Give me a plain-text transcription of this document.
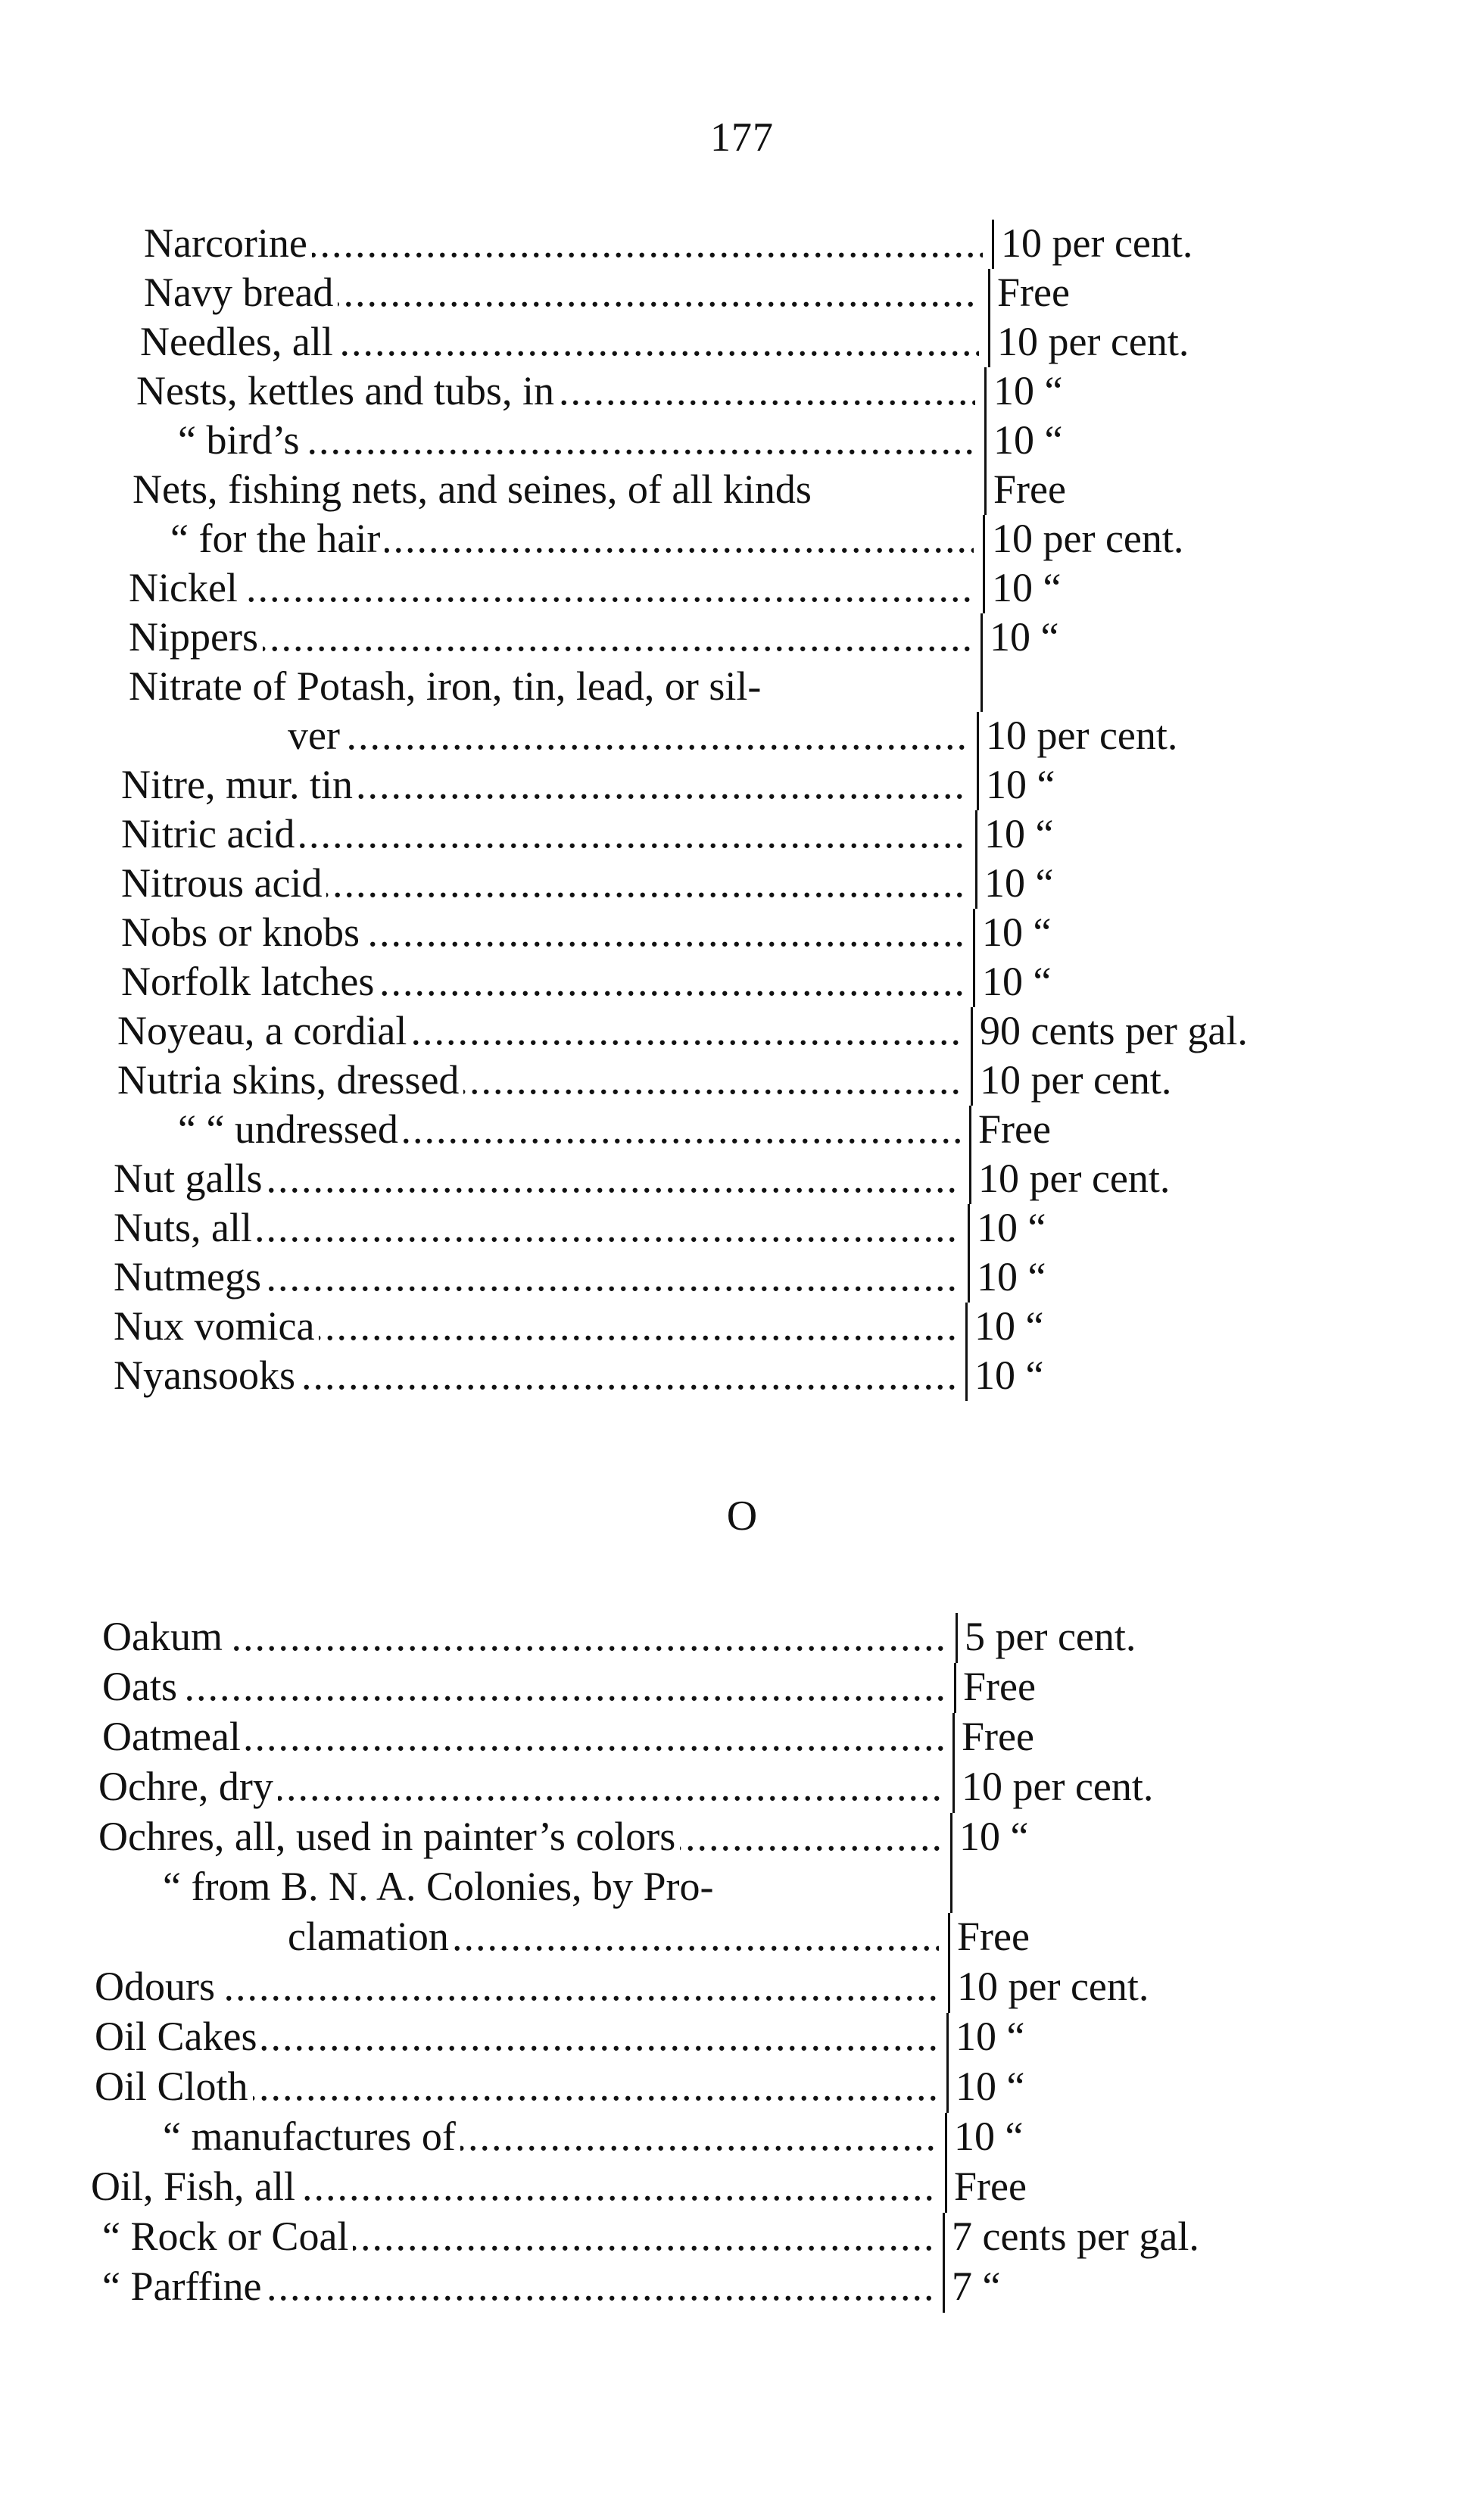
177
Narcorine .....	10 per cent.
Navy bread .....	Free
Needles, all .....	10 per cent.
Nests, kettles and tubs, in .....	10 “
“ bird’s .....	10 “
Nets, fishing nets, and seines, of all kinds	Free
“ for the hair .....	10 per cent.
Nickel .....	10 “
Nippers .....	10 “
Nitrate of Potash, iron, tin, lead, or sil-
ver .....	10 per cent.
Nitre, mur. tin .....	10 “
Nitric acid .....	10 “
Nitrous acid .....	10 “
Nobs or knobs .....	10 “
Norfolk latches .....	10 “
Noyeau, a cordial .....	90 cents per gal.
Nutria skins, dressed .....	10 per cent.
“ “ undressed .....	Free
Nut galls .....	10 per cent.
Nuts, all .....	10 “
Nutmegs .....	10 “
Nux vomica .....	10 “
Nyansooks .....	10 “
O
Oakum .....	5 per cent.
Oats .....	Free
Oatmeal .....	Free
Ochre, dry .....	10 per cent.
Ochres, all, used in painter’s colors .....	10 “
“ from B. N. A. Colonies, by Pro-
clamation .....	Free
Odours .....	10 per cent.
Oil Cakes .....	10 “
Oil Cloth .....	10 “
“ manufactures of .....	10 “
Oil, Fish, all .....	Free
“ Rock or Coal .....	7 cents per gal.
“ Parffine .....	7 “
